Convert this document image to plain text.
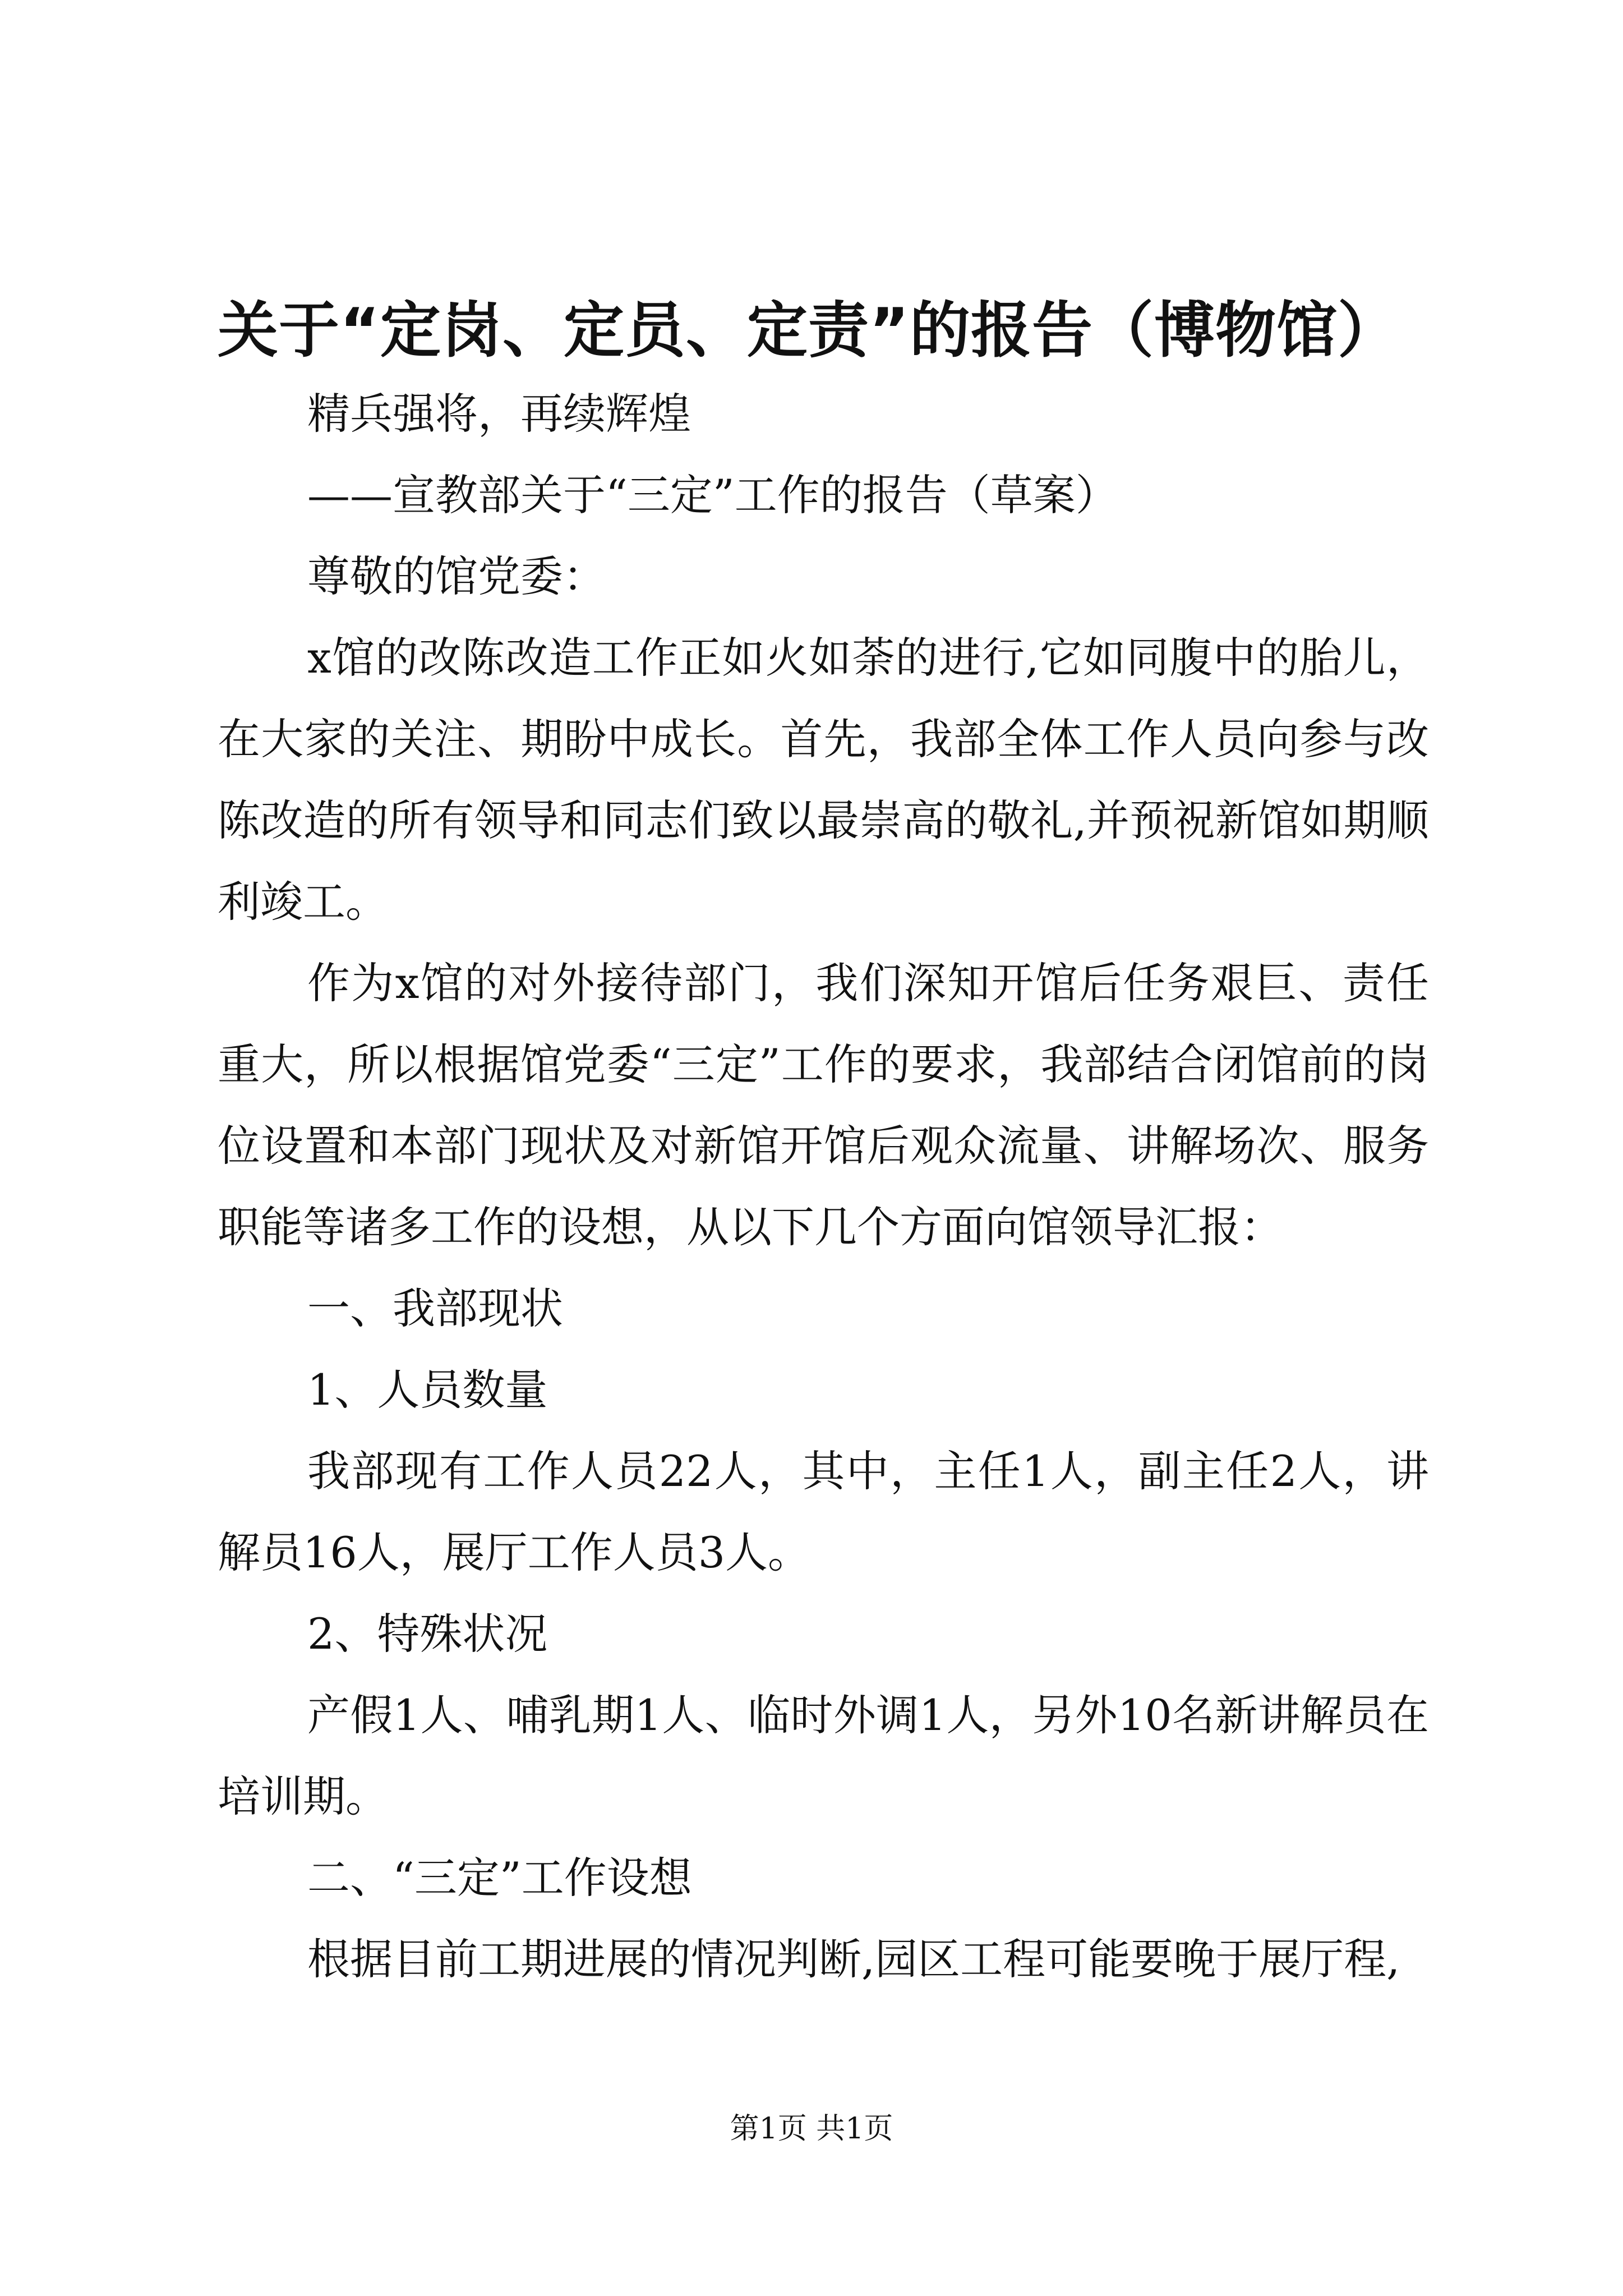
关于“定岗、定员、定责”的报告（博物馆）

精兵强将，再续辉煌

——宣教部关于“三定”工作的报告（草案）

尊敬的馆党委：

x馆的改陈改造工作正如火如荼的进行,它如同腹中的胎儿，在大家的关注、期盼中成长。首先，我部全体工作人员向参与改陈改造的所有领导和同志们致以最崇高的敬礼,并预祝新馆如期顺利竣工。

作为x馆的对外接待部门，我们深知开馆后任务艰巨、责任重大，所以根据馆党委“三定”工作的要求，我部结合闭馆前的岗位设置和本部门现状及对新馆开馆后观众流量、讲解场次、服务职能等诸多工作的设想，从以下几个方面向馆领导汇报：

一、我部现状

1、人员数量

我部现有工作人员22人，其中，主任1人，副主任2人，讲解员16人，展厅工作人员3人。

2、特殊状况

产假1人、哺乳期1人、临时外调1人，另外10名新讲解员在培训期。

二、“三定”工作设想

根据目前工期进展的情况判断,园区工程可能要晚于展厅程,

第1页 共1页
